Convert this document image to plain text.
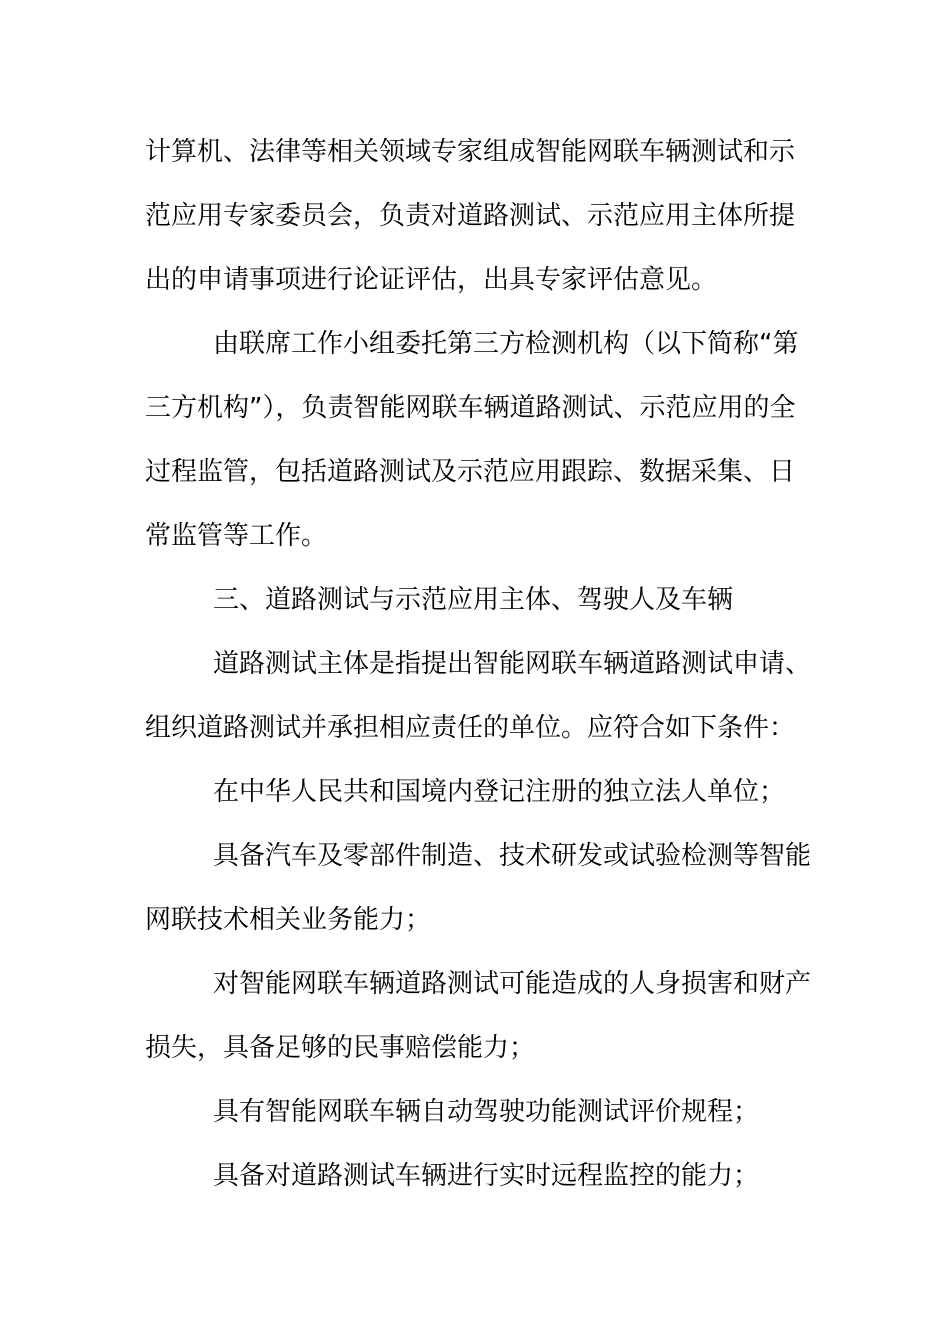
计算机、法律等相关领域专家组成智能网联车辆测试和示
范应用专家委员会，负责对道路测试、示范应用主体所提
出的申请事项进行论证评估，出具专家评估意见。
由联席工作小组委托第三方检测机构（以下简称“第
三方机构”），负责智能网联车辆道路测试、示范应用的全
过程监管，包括道路测试及示范应用跟踪、数据采集、日
常监管等工作。
三、道路测试与示范应用主体、驾驶人及车辆
道路测试主体是指提出智能网联车辆道路测试申请、
组织道路测试并承担相应责任的单位。应符合如下条件：
在中华人民共和国境内登记注册的独立法人单位；
具备汽车及零部件制造、技术研发或试验检测等智能
网联技术相关业务能力；
对智能网联车辆道路测试可能造成的人身损害和财产
损失，具备足够的民事赔偿能力；
具有智能网联车辆自动驾驶功能测试评价规程；
具备对道路测试车辆进行实时远程监控的能力；
